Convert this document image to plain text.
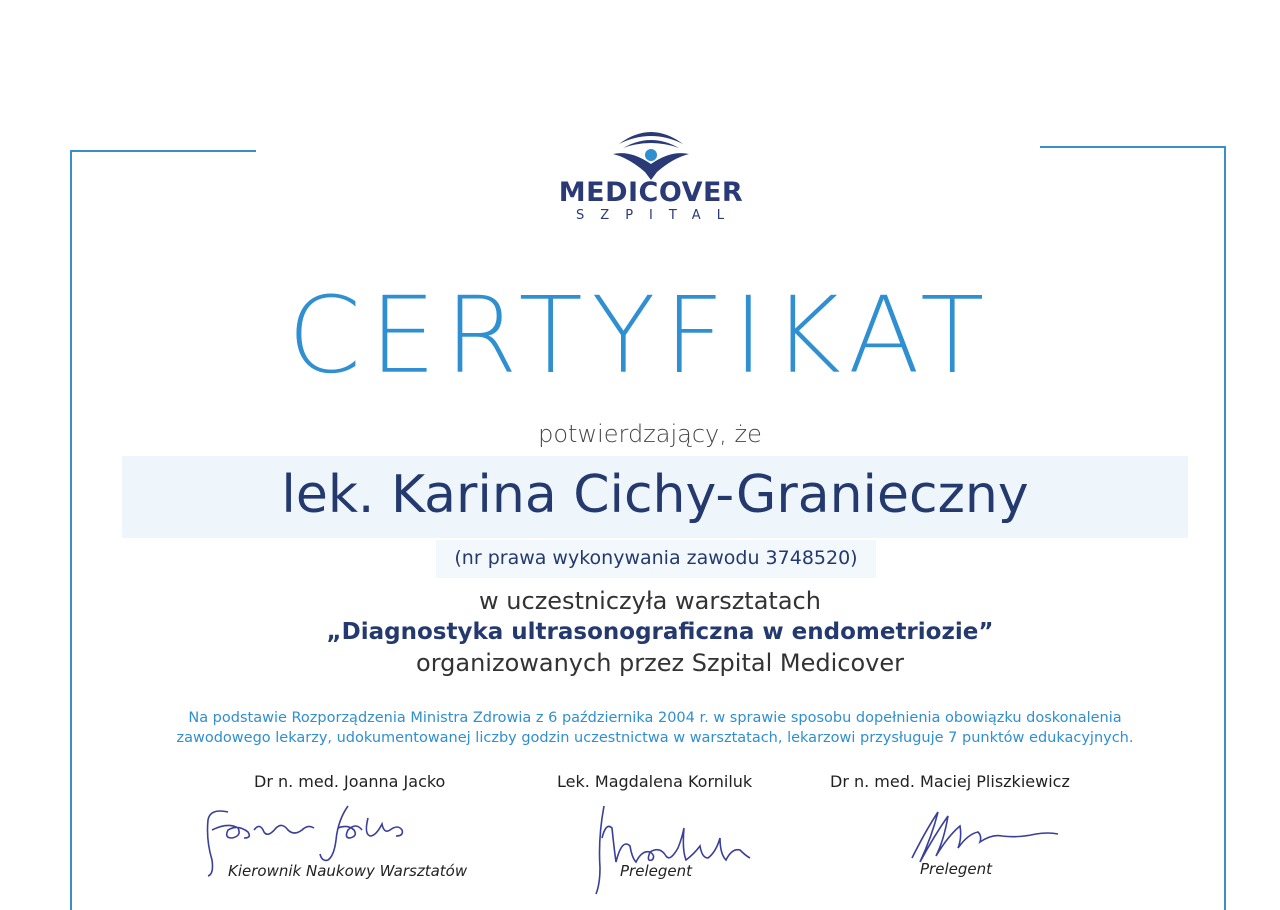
MEDICOVER
SZPITAL
CERTYFIKAT
potwierdzający, że
lek. Karina Cichy-Granieczny
(nr prawa wykonywania zawodu 3748520)
w uczestniczyła warsztatach
„Diagnostyka ultrasonograficzna w endometriozie”
organizowanych przez Szpital Medicover
Na podstawie Rozporządzenia Ministra Zdrowia z 6 października 2004 r. w sprawie sposobu dopełnienia obowiązku doskonalenia
zawodowego lekarzy, udokumentowanej liczby godzin uczestnictwa w warsztatach, lekarzowi przysługuje 7 punktów edukacyjnych.
Dr n. med. Joanna Jacko
Kierownik Naukowy Warsztatów
Lek. Magdalena Korniluk
Prelegent
Dr n. med. Maciej Pliszkiewicz
Prelegent
